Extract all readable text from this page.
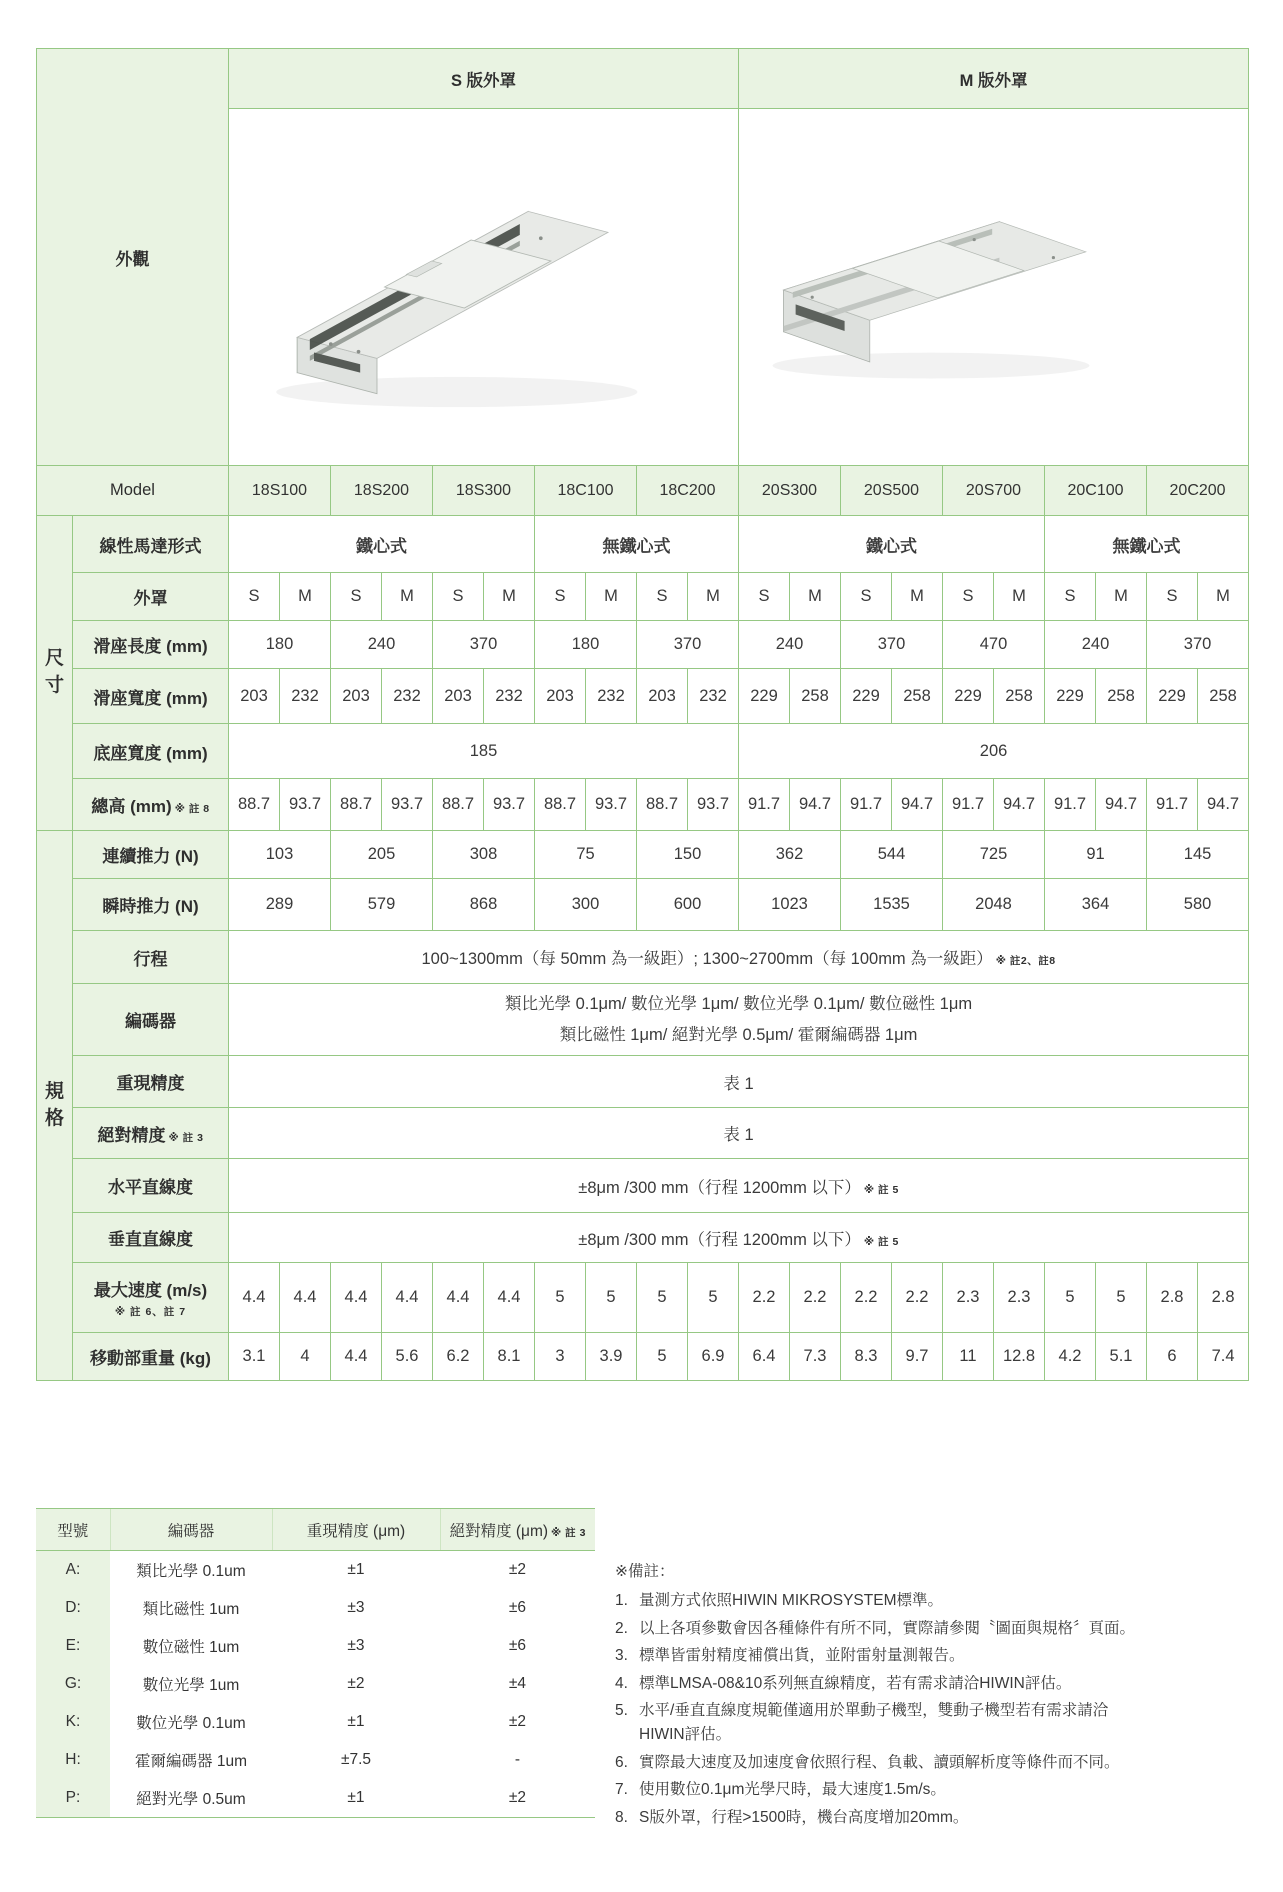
外觀		S 版外罩										M 版外罩									

Model		18S100		18S200		18S300		18C100		18C200		20S300		20S500		20S700		20C100		20C200	
尺
寸	線性馬達形式	鐵心式						無鐵心式				鐵心式						無鐵心式			
	外罩	S	M	S	M	S	M	S	M	S	M	S	M	S	M	S	M	S	M	S	M
	滑座長度 (mm)	180		240		370		180		370		240		370		470		240		370	
	滑座寬度 (mm)	203	232	203	232	203	232	203	232	203	232	229	258	229	258	229	258	229	258	229	258
	底座寬度 (mm)	185										206									
	總高 (mm) ※ 註 8	88.7	93.7	88.7	93.7	88.7	93.7	88.7	93.7	88.7	93.7	91.7	94.7	91.7	94.7	91.7	94.7	91.7	94.7	91.7	94.7
規
格	連續推力 (N)	103		205		308		75		150		362		544		725		91		145	
	瞬時推力 (N)	289		579		868		300		600		1023		1535		2048		364		580	
	行程	100~1300mm（每 50mm 為一級距）; 1300~2700mm（每 100mm 為一級距） ※ 註2、註8																			
	編碼器	類比光學 0.1μm/ 數位光學 1μm/ 數位光學 0.1μm/ 數位磁性 1μm
類比磁性 1μm/ 絕對光學 0.5μm/ 霍爾編碼器 1μm																			

	重現精度	表 1																			
	絕對精度 ※ 註 3	表 1																			
	水平直線度	±8μm /300 mm（行程 1200mm 以下） ※ 註 5																			
	垂直直線度	±8μm /300 mm（行程 1200mm 以下） ※ 註 5																			
	最大速度 (m/s)
※ 註 6、註 7	4.4	4.4	4.4	4.4	4.4	4.4	5	5	5	5	2.2	2.2	2.2	2.2	2.3	2.3	5	5	2.8	2.8
	移動部重量 (kg)	3.1	4	4.4	5.6	6.2	8.1	3	3.9	5	6.9	6.4	7.3	8.3	9.7	11	12.8	4.2	5.1	6	7.4
型號	編碼器	重現精度 (μm)	絕對精度 (μm) ※ 註 3
A:	類比光學 0.1um	±1	±2
D:	類比磁性 1um	±3	±6
E:	數位磁性 1um	±3	±6
G:	數位光學 1um	±2	±4
K:	數位光學 0.1um	±1	±2
H:	霍爾編碼器 1um	±7.5	-
P:	絕對光學 0.5um	±1	±2
※備註：
1. 量測方式依照HIWIN MIKROSYSTEM標準。
2. 以上各項參數會因各種條件有所不同，實際請參閱〝圖面與規格〞頁面。
3. 標準皆雷射精度補償出貨，並附雷射量測報告。
4. 標準LMSA-08&10系列無直線精度，若有需求請洽HIWIN評估。
5. 水平/垂直直線度規範僅適用於單動子機型，雙動子機型若有需求請洽
HIWIN評估。
6. 實際最大速度及加速度會依照行程、負載、讀頭解析度等條件而不同。
7. 使用數位0.1μm光學尺時，最大速度1.5m/s。
8. S版外罩，行程>1500時，機台高度增加20mm。
